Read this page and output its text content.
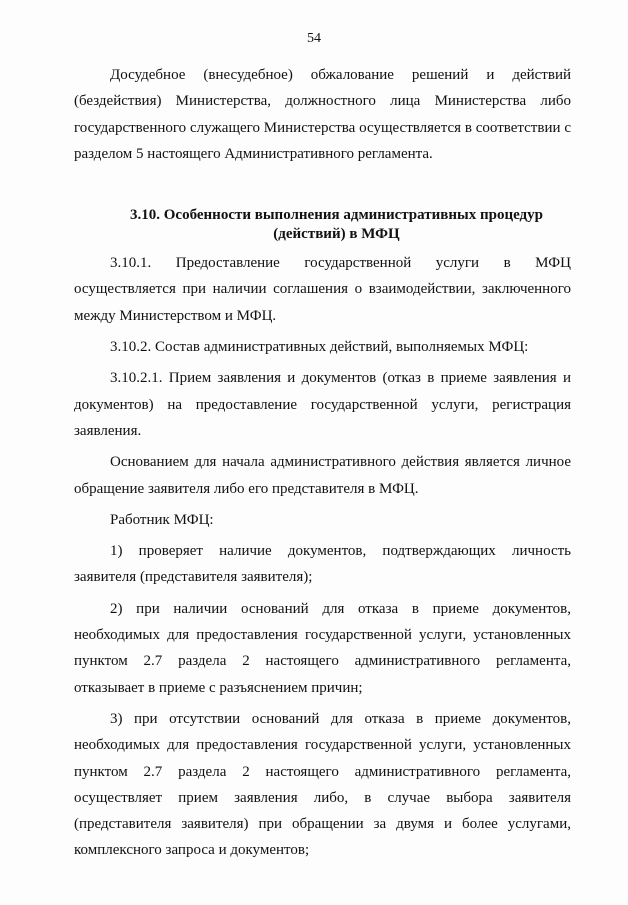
54

Досудебное (внесудебное) обжалование решений и действий (бездействия) Министерства, должностного лица Министерства либо государственного служащего Министерства осуществляется в соответствии с разделом 5 настоящего Административного регламента.

3.10. Особенности выполнения административных процедур (действий) в МФЦ

3.10.1. Предоставление государственной услуги в МФЦ осуществляется при наличии соглашения о взаимодействии, заключенного между Министерством и МФЦ.

3.10.2. Состав административных действий, выполняемых МФЦ:

3.10.2.1. Прием заявления и документов (отказ в приеме заявления и документов) на предоставление государственной услуги, регистрация заявления.

Основанием для начала административного действия является личное обращение заявителя либо его представителя в МФЦ.

Работник МФЦ:

1) проверяет наличие документов, подтверждающих личность заявителя (представителя заявителя);

2) при наличии оснований для отказа в приеме документов, необходимых для предоставления государственной услуги, установленных пунктом 2.7 раздела 2 настоящего административного регламента, отказывает в приеме с разъяснением причин;

3) при отсутствии оснований для отказа в приеме документов, необходимых для предоставления государственной услуги, установленных пунктом 2.7 раздела 2 настоящего административного регламента, осуществляет прием заявления либо, в случае выбора заявителя (представителя заявителя) при обращении за двумя и более услугами, комплексного запроса и документов;
